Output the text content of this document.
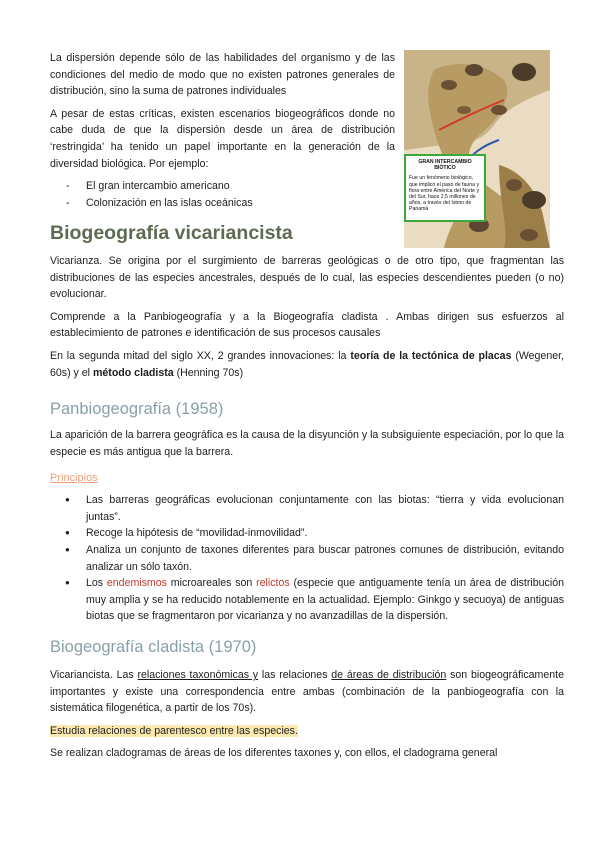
La dispersión depende sólo de las habilidades del organismo y de las condiciones del medio de modo que no existen patrones generales de distribución, sino la suma de patrones individuales

A pesar de estas críticas, existen escenarios biogeográficos donde no cabe duda de que la dispersión desde un área de distribución ‘restringida’ ha tenido un papel importante en la generación de la diversidad biológica. Por ejemplo:

- El gran intercambio americano
- Colonización en las islas oceánicas
GRAN INTERCAMBIO BIÓTICO
Fue un fenómeno biológico, que implicó el paso de fauna y flora entre América del Norte y del Sur, hace 2,5 millones de años, a través del Istmo de Panamá
Biogeografía vicariancista

Vicarianza. Se origina por el surgimiento de barreras geológicas o de otro tipo, que fragmentan las distribuciones de las especies ancestrales, después de lo cual, las especies descendientes pueden (o no) evolucionar.

Comprende a la Panbiogeografía y a la Biogeografía cladista . Ambas dirigen sus esfuerzos al establecimiento de patrones e identificación de sus procesos causales

En la segunda mitad del siglo XX, 2 grandes innovaciones: la teoría de la tectónica de placas (Wegener, 60s) y el método cladista (Henning 70s)

Panbiogeografía (1958)

La aparición de la barrera geográfica es la causa de la disyunción y la subsiguiente especiación, por lo que la especie es más antigua que la barrera.

Principios
● Las barreras geográficas evolucionan conjuntamente con las biotas: “tierra y vida evolucionan juntas”.
● Recoge la hipótesis de “movilidad-inmovilidad”.
● Analiza un conjunto de taxones diferentes para buscar patrones comunes de distribución, evitando analizar un sólo taxón.
● Los endemismos microareales son relictos (especie que antiguamente tenía un área de distribución muy amplia y se ha reducido notablemente en la actualidad. Ejemplo: Ginkgo y secuoya) de antiguas biotas que se fragmentaron por vicarianza y no avanzadillas de la dispersión.
Biogeografía cladista (1970)

Vicariancista. Las relaciones taxonómicas y las relaciones de áreas de distribución son biogeográficamente importantes y existe una correspondencia entre ambas (combinación de la panbiogeografía con la sistemática filogenética, a partir de los 70s).

Estudia relaciones de parentesco entre las especies.

Se realizan cladogramas de áreas de los diferentes taxones y, con ellos, el cladograma general
